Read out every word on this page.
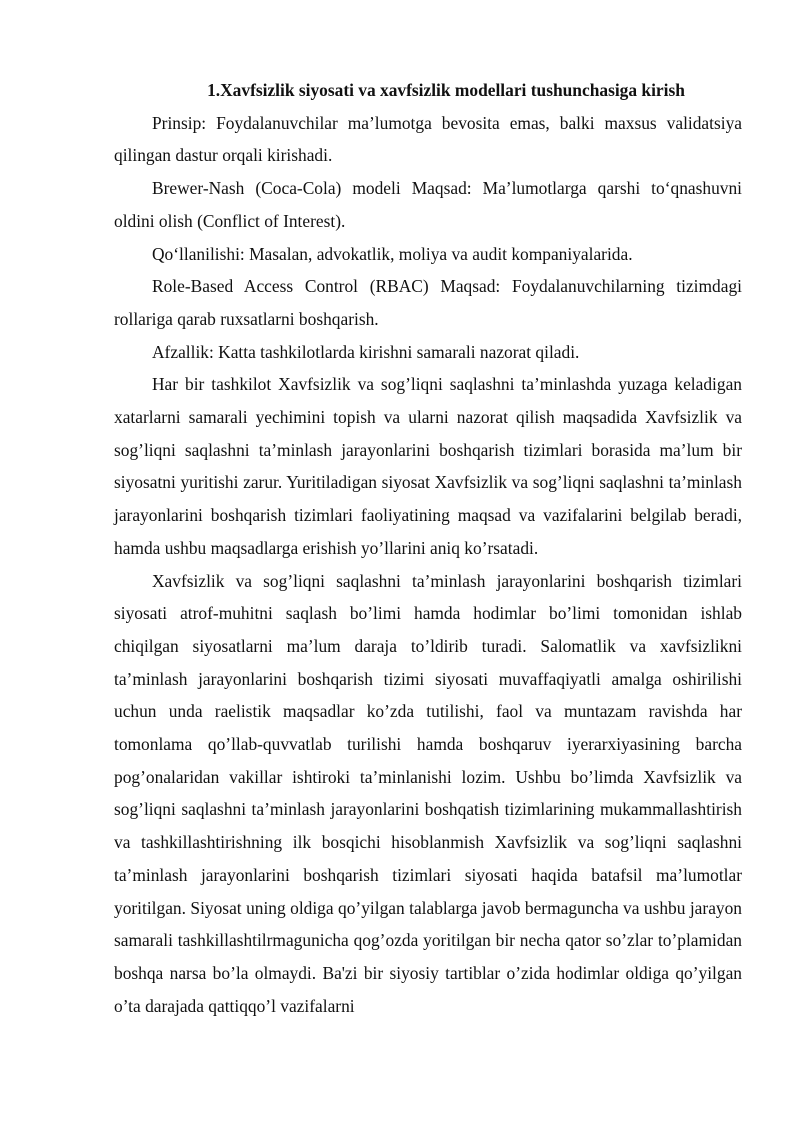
1.Xavfsizlik siyosati va xavfsizlik modellari tushunchasiga kirish

Prinsip: Foydalanuvchilar ma’lumotga bevosita emas, balki maxsus validatsiya qilingan dastur orqali kirishadi.

Brewer-Nash (Coca-Cola) modeli Maqsad: Ma’lumotlarga qarshi to‘qnashuvni oldini olish (Conflict of Interest).

Qo‘llanilishi: Masalan, advokatlik, moliya va audit kompaniyalarida.

Role-Based Access Control (RBAC) Maqsad: Foydalanuvchilarning tizimdagi rollariga qarab ruxsatlarni boshqarish.

Afzallik: Katta tashkilotlarda kirishni samarali nazorat qiladi.

Har bir tashkilot Xavfsizlik va sog’liqni saqlashni ta’minlashda yuzaga keladigan xatarlarni samarali yechimini topish va ularni nazorat qilish maqsadida Xavfsizlik va sog’liqni saqlashni ta’minlash jarayonlarini boshqarish tizimlari borasida ma’lum bir siyosatni yuritishi zarur. Yuritiladigan siyosat Xavfsizlik va sog’liqni saqlashni ta’minlash jarayonlarini boshqarish tizimlari faoliyatining maqsad va vazifalarini belgilab beradi, hamda ushbu maqsadlarga erishish yo’llarini aniq ko’rsatadi.

Xavfsizlik va sog’liqni saqlashni ta’minlash jarayonlarini boshqarish tizimlari siyosati atrof-muhitni saqlash bo’limi hamda hodimlar bo’limi tomonidan ishlab chiqilgan siyosatlarni ma’lum daraja to’ldirib turadi. Salomatlik va xavfsizlikni ta’minlash jarayonlarini boshqarish tizimi siyosati muvaffaqiyatli amalga oshirilishi uchun unda raelistik maqsadlar ko’zda tutilishi, faol va muntazam ravishda har tomonlama qo’llab-quvvatlab turilishi hamda boshqaruv iyerarxiyasining barcha pog’onalaridan vakillar ishtiroki ta’minlanishi lozim. Ushbu bo’limda Xavfsizlik va sog’liqni saqlashni ta’minlash jarayonlarini boshqatish tizimlarining mukammallashtirish va tashkillashtirishning ilk bosqichi hisoblanmish Xavfsizlik va sog’liqni saqlashni ta’minlash jarayonlarini boshqarish tizimlari siyosati haqida batafsil ma’lumotlar yoritilgan. Siyosat uning oldiga qo’yilgan talablarga javob bermaguncha va ushbu jarayon samarali tashkillashtilrmagunicha qog’ozda yoritilgan bir necha qator so’zlar to’plamidan boshqa narsa bo’la olmaydi. Ba'zi bir siyosiy tartiblar o’zida hodimlar oldiga qo’yilgan o’ta darajada qattiqqo’l vazifalarni
